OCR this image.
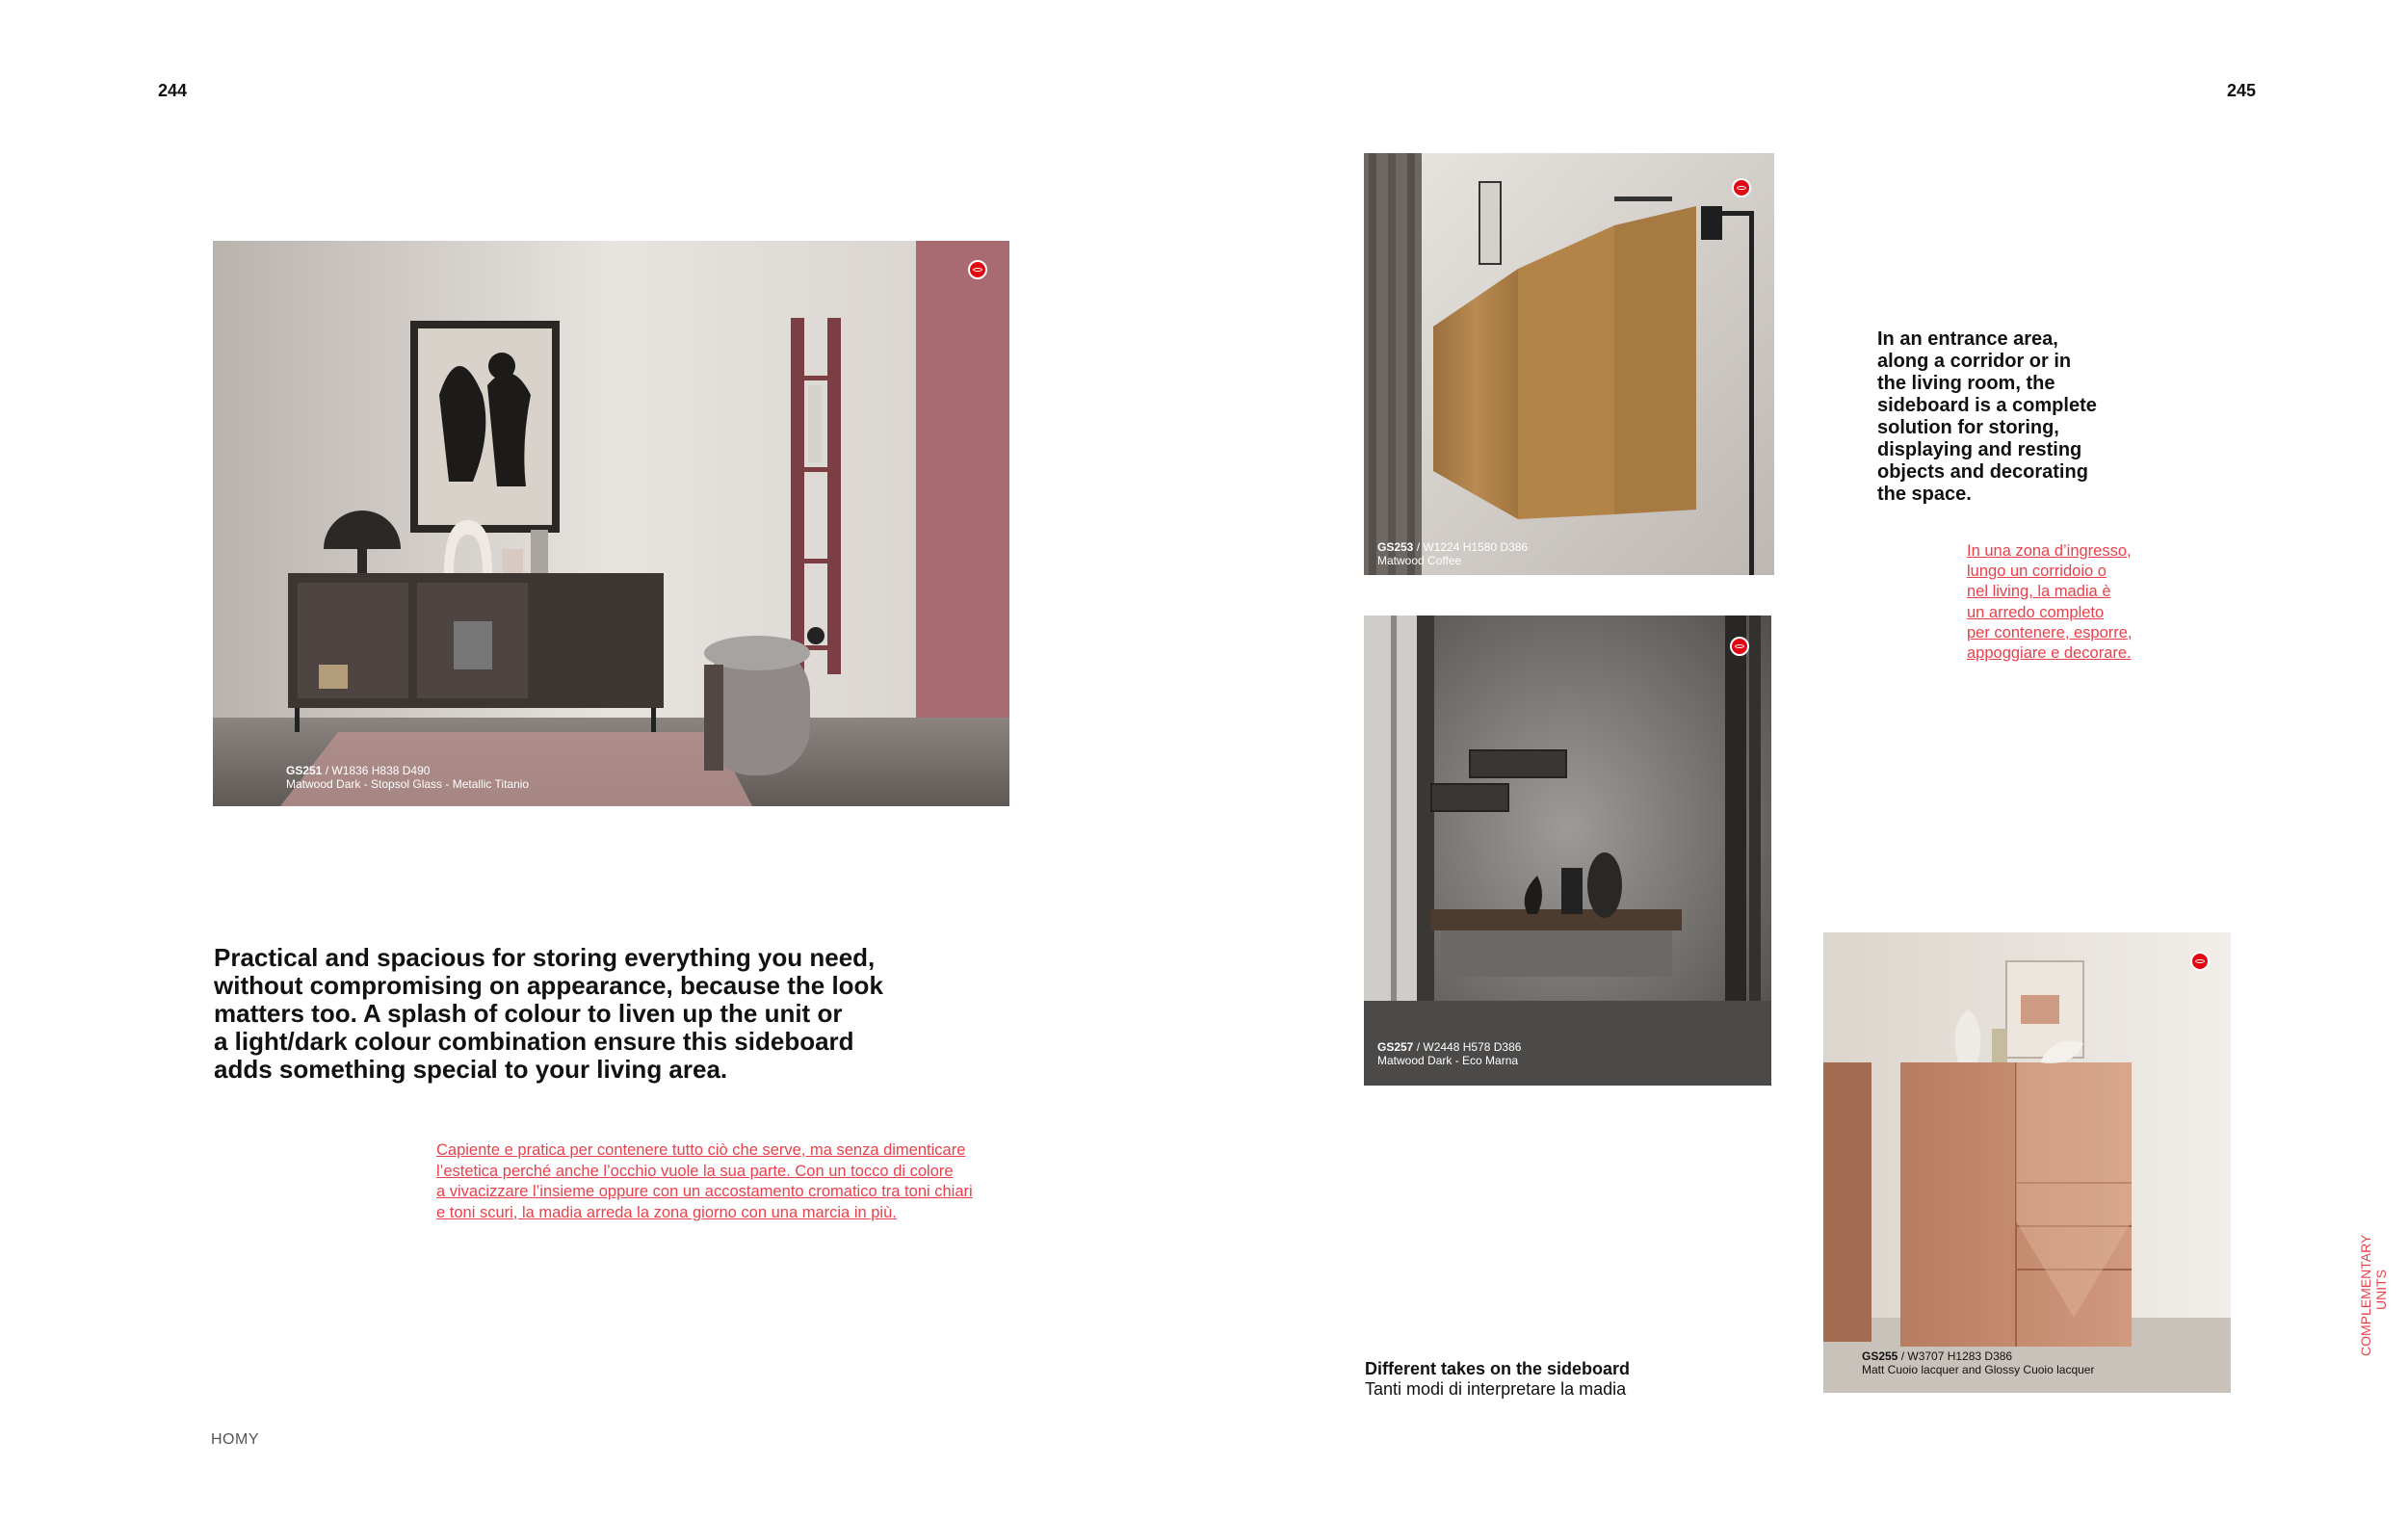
244	245
GS251 / W1836 H838 D490
Matwood Dark - Stopsol Glass - Metallic Titanio
Practical and spacious for storing everything you need,
without compromising on appearance, because the look
matters too. A splash of colour to liven up the unit or
a light/dark colour combination ensure this sideboard
adds something special to your living area.
Capiente e pratica per contenere tutto ciò che serve, ma senza dimenticare
l’estetica perché anche l’occhio vuole la sua parte. Con un tocco di colore
a vivacizzare l’insieme oppure con un accostamento cromatico tra toni chiari
e toni scuri, la madia arreda la zona giorno con una marcia in più.
HOMY
GS253 / W1224 H1580 D386
Matwood Coffee
GS257 / W2448 H578 D386
Matwood Dark - Eco Marna
In an entrance area,
along a corridor or in
the living room, the
sideboard is a complete
solution for storing,
displaying and resting
objects and decorating
the space.
In una zona d’ingresso,
lungo un corridoio o
nel living, la madia è
un arredo completo
per contenere, esporre,
appoggiare e decorare.
GS255 / W3707 H1283 D386
Matt Cuoio lacquer and Glossy Cuoio lacquer
Different takes on the sideboard
Tanti modi di interpretare la madia
COMPLEMENTARY UNITS
